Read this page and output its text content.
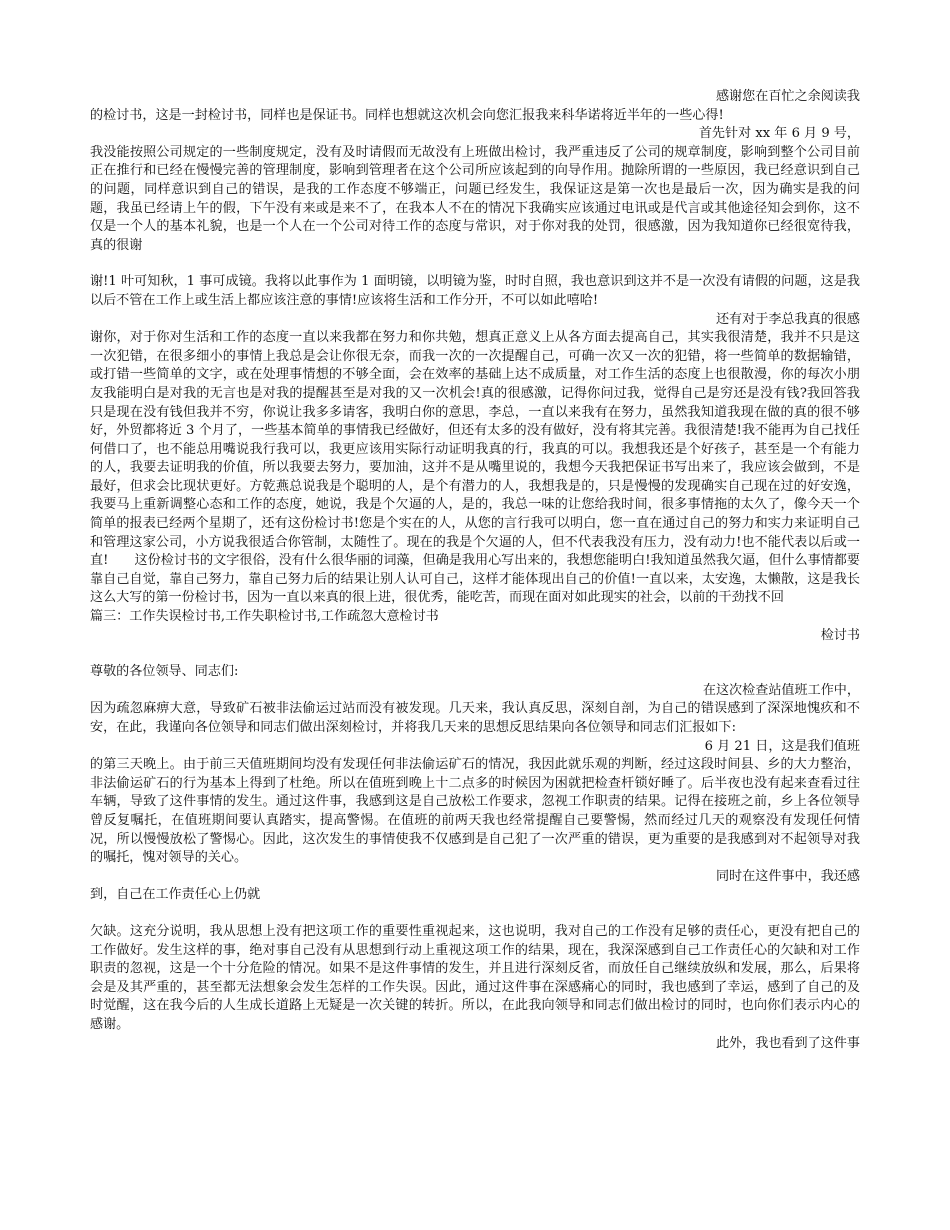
感谢您在百忙之余阅读我

的检讨书，这是一封检讨书，同样也是保证书。同样也想就这次机会向您汇报我来科华诺将近半年的一些心得!

首先针对 xx 年 6 月 9 号，

我没能按照公司规定的一些制度规定，没有及时请假而无故没有上班做出检讨，我严重违反了公司的规章制度，影响到整个公司目前正在推行和已经在慢慢完善的管理制度，影响到管理者在这个公司所应该起到的向导作用。抛除所谓的一些原因，我已经意识到自己的问题，同样意识到自己的错误，是我的工作态度不够端正，问题已经发生，我保证这是第一次也是最后一次，因为确实是我的问题，我虽已经请上午的假，下午没有来或是来不了，在我本人不在的情况下我确实应该通过电讯或是代言或其他途径知会到你，这不仅是一个人的基本礼貌，也是一个人在一个公司对待工作的态度与常识，对于你对我的处罚，很感激，因为我知道你已经很宽待我，真的很谢

谢!1 叶可知秋，1 事可成镜。我将以此事作为 1 面明镜，以明镜为鉴，时时自照，我也意识到这并不是一次没有请假的问题，这是我以后不管在工作上或生活上都应该注意的事情!应该将生活和工作分开，不可以如此嘻哈!

还有对于李总我真的很感

谢你，对于你对生活和工作的态度一直以来我都在努力和你共勉，想真正意义上从各方面去提高自己，其实我很清楚，我并不只是这一次犯错，在很多细小的事情上我总是会让你很无奈，而我一次的一次提醒自己，可确一次又一次的犯错，将一些简单的数据输错，或打错一些简单的文字，或在处理事情想的不够全面，会在效率的基础上达不成质量，对工作生活的态度上也很散漫，你的每次小朋友我能明白是对我的无言也是对我的提醒甚至是对我的又一次机会!真的很感激，记得你问过我，觉得自己是穷还是没有钱?我回答我只是现在没有钱但我并不穷，你说让我多多请客，我明白你的意思，李总，一直以来我有在努力，虽然我知道我现在做的真的很不够好，外贸都将近 3 个月了，一些基本简单的事情我已经做好，但还有太多的没有做好，没有将其完善。我很清楚!我不能再为自己找任何借口了，也不能总用嘴说我行我可以，我更应该用实际行动证明我真的行，我真的可以。我想我还是个好孩子，甚至是一个有能力的人，我要去证明我的价值，所以我要去努力，要加油，这并不是从嘴里说的，我想今天我把保证书写出来了，我应该会做到，不是最好，但求会比现状更好。方乾燕总说我是个聪明的人，是个有潜力的人，我想我是的，只是慢慢的发现确实自己现在过的好安逸，我要马上重新调整心态和工作的态度，她说，我是个欠逼的人，是的，我总一味的让您给我时间，很多事情拖的太久了，像今天一个简单的报表已经两个星期了，还有这份检讨书!您是个实在的人，从您的言行我可以明白，您一直在通过自己的努力和实力来证明自己和管理这家公司，小方说我很适合你管制，太随性了。现在的我是个欠逼的人，但不代表我没有压力，没有动力!也不能代表以后或一直!　　这份检讨书的文字很俗，没有什么很华丽的词藻，但确是我用心写出来的，我想您能明白!我知道虽然我欠逼，但什么事情都要靠自己自觉，靠自己努力，靠自己努力后的结果让别人认可自己，这样才能体现出自己的价值!一直以来，太安逸，太懒散，这是我长这么大写的第一份检讨书，因为一直以来真的很上进，很优秀，能吃苦，而现在面对如此现实的社会，以前的干劲找不回

篇三：工作失误检讨书,工作失职检讨书,工作疏忽大意检讨书

检讨书

尊敬的各位领导、同志们:

在这次检查站值班工作中，

因为疏忽麻痹大意，导致矿石被非法偷运过站而没有被发现。几天来，我认真反思，深刻自剖，为自己的错误感到了深深地愧疚和不安，在此，我谨向各位领导和同志们做出深刻检讨，并将我几天来的思想反思结果向各位领导和同志们汇报如下:

6 月 21 日，这是我们值班

的第三天晚上。由于前三天值班期间均没有发现任何非法偷运矿石的情况，我因此就乐观的判断，经过这段时间县、乡的大力整治，非法偷运矿石的行为基本上得到了杜绝。所以在值班到晚上十二点多的时候因为困就把检查杆锁好睡了。后半夜也没有起来查看过往车辆，导致了这件事情的发生。通过这件事，我感到这是自己放松工作要求，忽视工作职责的结果。记得在接班之前，乡上各位领导曾反复嘱托，在值班期间要认真踏实，提高警惕。在值班的前两天我也经常提醒自己要警惕，然而经过几天的观察没有发现任何情况，所以慢慢放松了警惕心。因此，这次发生的事情使我不仅感到是自己犯了一次严重的错误，更为重要的是我感到对不起领导对我的嘱托，愧对领导的关心。

同时在这件事中，我还感

到，自己在工作责任心上仍就

欠缺。这充分说明，我从思想上没有把这项工作的重要性重视起来，这也说明，我对自己的工作没有足够的责任心，更没有把自己的工作做好。发生这样的事，绝对事自己没有从思想到行动上重视这项工作的结果，现在，我深深感到自己工作责任心的欠缺和对工作职责的忽视，这是一个十分危险的情况。如果不是这件事情的发生，并且进行深刻反省，而放任自己继续放纵和发展，那么，后果将会是及其严重的，甚至都无法想象会发生怎样的工作失误。因此，通过这件事在深感痛心的同时，我也感到了幸运，感到了自己的及时觉醒，这在我今后的人生成长道路上无疑是一次关键的转折。所以，在此我向领导和同志们做出检讨的同时，也向你们表示内心的感谢。

此外，我也看到了这件事
